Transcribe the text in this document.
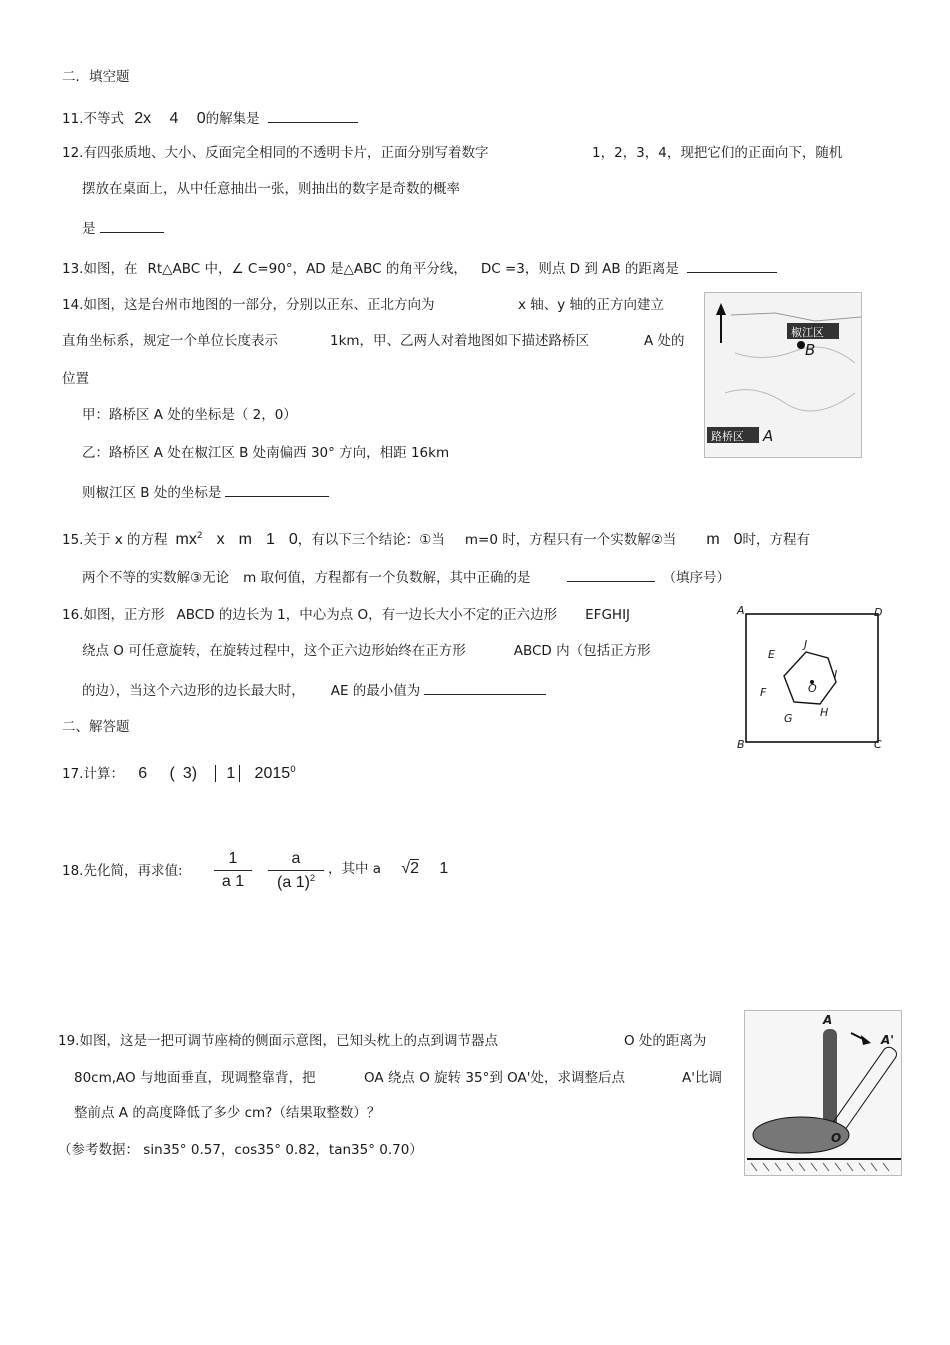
二．填空题
11.不等式 2x 4 0的解集是
12.有四张质地、大小、反面完全相同的不透明卡片，正面分别写着数字	1，2，3，4，现把它们的正面向下，随机
摆放在桌面上，从中任意抽出一张，则抽出的数字是奇数的概率
是
13.如图，在 Rt△ABC 中，∠ C=90°，AD 是△ABC 的角平分线， DC =3，则点 D 到 AB 的距离是
14.如图，这是台州市地图的一部分，分别以正东、正北方向为	x 轴、y 轴的正方向建立
直角坐标系，规定一个单位长度表示	1km，甲、乙两人对着地图如下描述路桥区	A 处的
位置
甲：路桥区 A 处的坐标是（ 2，0）
乙：路桥区 A 处在椒江区 B 处南偏西 30° 方向，相距 16km
则椒江区 B 处的坐标是
椒江区
B
路桥区 A
15.关于 x 的方程 $mx^2$ x m 1 0，有以下三个结论：①当 m=0 时，方程只有一个实数解②当 m 0时，方程有
两个不等的实数解③无论 m 取何值，方程都有一个负数解，其中正确的是	（填序号）
16.如图，正方形 ABCD 的边长为 1，中心为点 O，有一边长大小不定的正六边形 EFGHIJ
绕点 O 可任意旋转，在旋转过程中，这个正六边形始终在正方形	ABCD 内（包括正方形
的边），当这个六边形的边长最大时， AE 的最小值为
A	D
B	C
J
E
I
F	O
G H
二、解答题
17.计算： 6 ( 3) 1 2015$^0$
18.先化简，再求值:
1
a 1
a
(a 1)$^2$
，其中 a √2 1
19.如图，这是一把可调节座椅的侧面示意图，已知头枕上的点到调节器点	O 处的距离为
80cm,AO 与地面垂直，现调整靠背，把	OA 绕点 O 旋转 35°到 OA'处，求调整后点	A'比调
整前点 A 的高度降低了多少 cm?（结果取整数）？
（参考数据： sin35° 0.57，cos35° 0.82，tan35° 0.70）
A
A'
O
